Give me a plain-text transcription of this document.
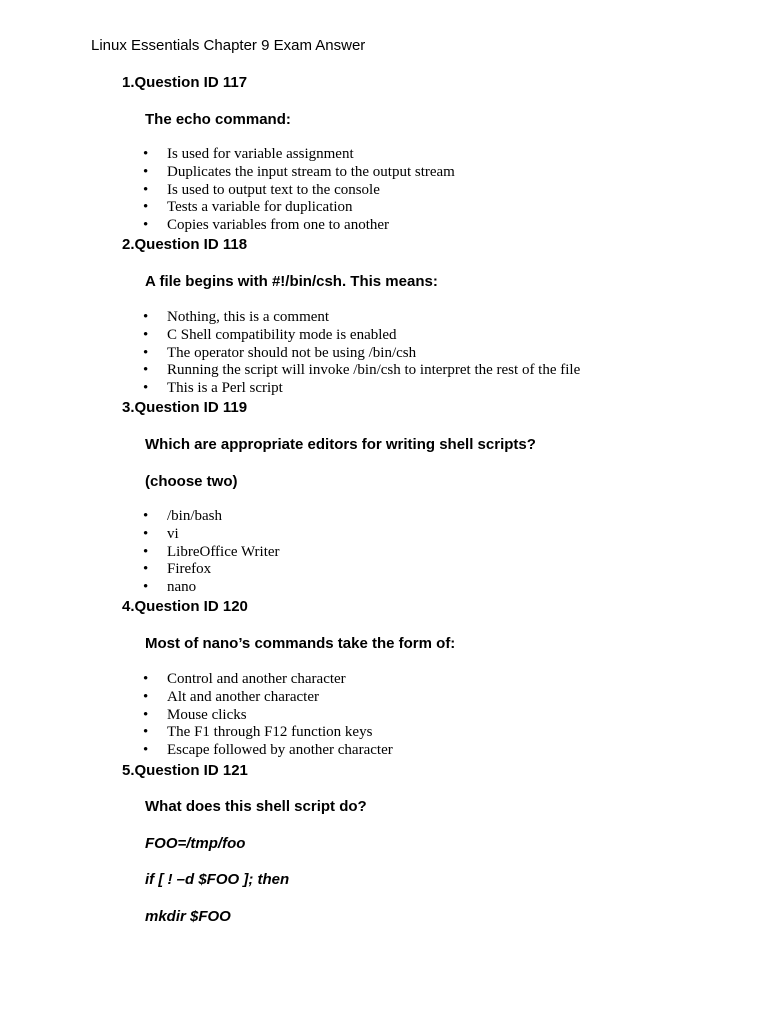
Linux Essentials Chapter 9 Exam Answer
1.Question ID 117
The echo command:
• Is used for variable assignment
• Duplicates the input stream to the output stream
• Is used to output text to the console
• Tests a variable for duplication
• Copies variables from one to another
2.Question ID 118
A file begins with #!/bin/csh. This means:
• Nothing, this is a comment
• C Shell compatibility mode is enabled
• The operator should not be using /bin/csh
• Running the script will invoke /bin/csh to interpret the rest of the file
• This is a Perl script
3.Question ID 119
Which are appropriate editors for writing shell scripts?
(choose two)
• /bin/bash
• vi
• LibreOffice Writer
• Firefox
• nano
4.Question ID 120
Most of nano’s commands take the form of:
• Control and another character
• Alt and another character
• Mouse clicks
• The F1 through F12 function keys
• Escape followed by another character
5.Question ID 121
What does this shell script do?
FOO=/tmp/foo
if [ ! –d $FOO ]; then
mkdir $FOO
